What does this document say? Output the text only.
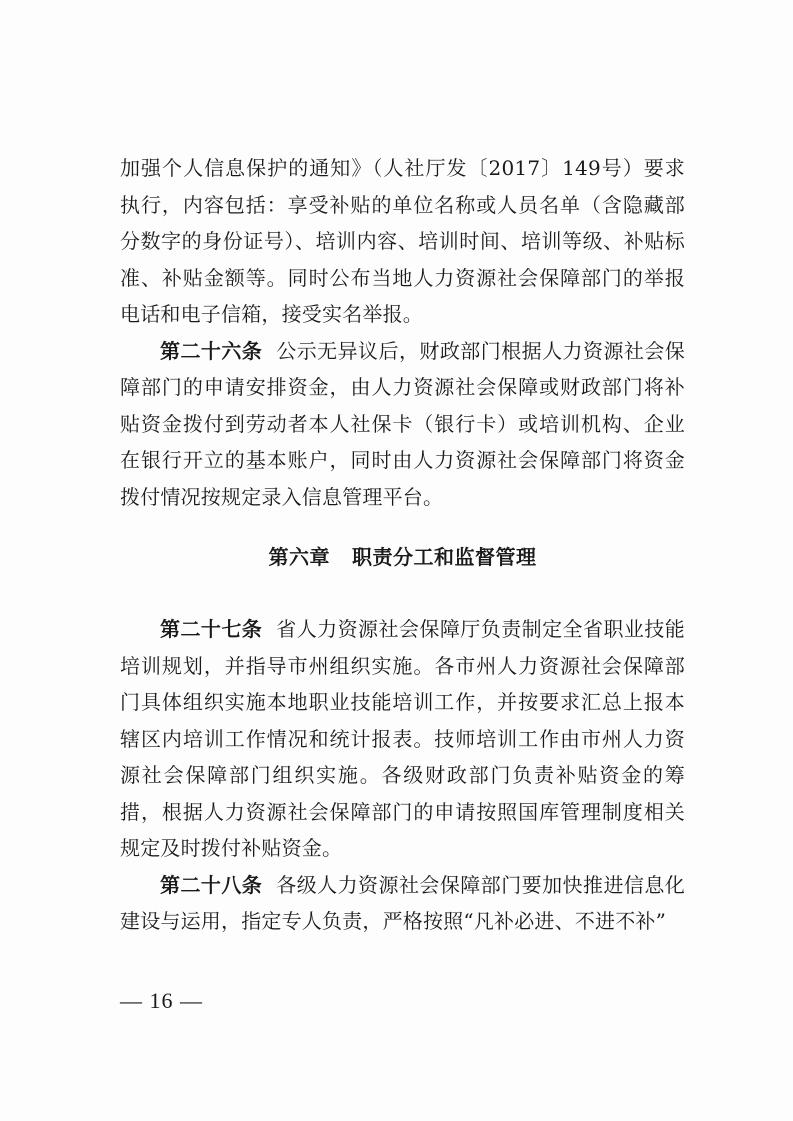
加强个人信息保护的通知》（人社厅发〔2017〕149号）要求执行，内容包括：享受补贴的单位名称或人员名单（含隐藏部分数字的身份证号）、培训内容、培训时间、培训等级、补贴标准、补贴金额等。同时公布当地人力资源社会保障部门的举报电话和电子信箱，接受实名举报。

第二十六条 公示无异议后，财政部门根据人力资源社会保障部门的申请安排资金，由人力资源社会保障或财政部门将补贴资金拨付到劳动者本人社保卡（银行卡）或培训机构、企业在银行开立的基本账户，同时由人力资源社会保障部门将资金拨付情况按规定录入信息管理平台。

第六章 职责分工和监督管理

第二十七条 省人力资源社会保障厅负责制定全省职业技能培训规划，并指导市州组织实施。各市州人力资源社会保障部门具体组织实施本地职业技能培训工作，并按要求汇总上报本辖区内培训工作情况和统计报表。技师培训工作由市州人力资源社会保障部门组织实施。各级财政部门负责补贴资金的筹措，根据人力资源社会保障部门的申请按照国库管理制度相关规定及时拨付补贴资金。

第二十八条 各级人力资源社会保障部门要加快推进信息化建设与运用，指定专人负责，严格按照“凡补必进、不进不补”

— 16 —
